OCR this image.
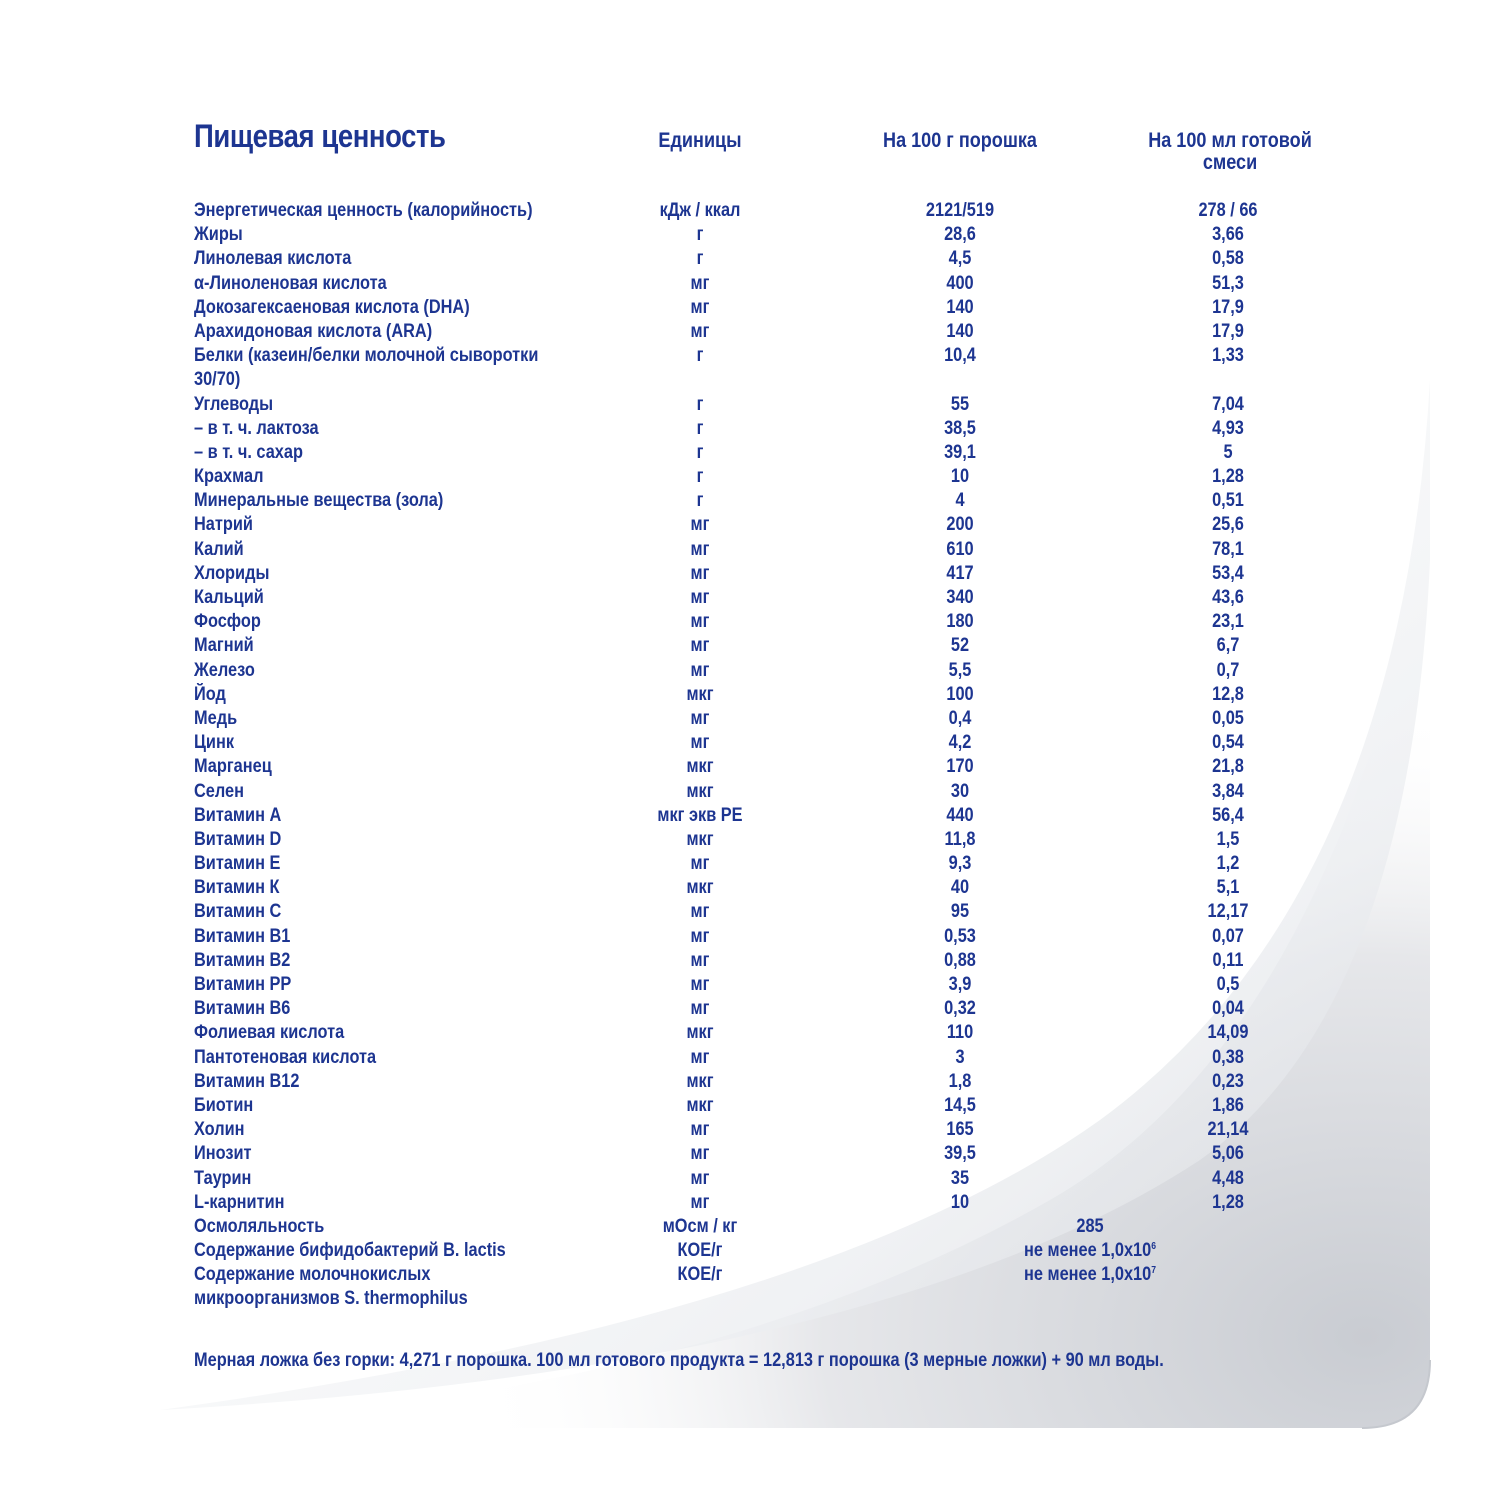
Пищевая ценность	Единицы	На 100 г порошка	На 100 мл готовой
смеси
Энергетическая ценность (калорийность)	кДж / ккал	2121/519	278 / 66
Жиры	г	28,6	3,66
Линолевая кислота	г	4,5	0,58
α-Линоленовая кислота	мг	400	51,3
Докозагексаеновая кислота (DHA)	мг	140	17,9
Арахидоновая кислота (ARA)	мг	140	17,9
Белки (казеин/белки молочной сыворотки 30/70)
г	10,4	1,33
Углеводы	г	55	7,04
– в т. ч. лактоза	г	38,5	4,93
– в т. ч. сахар	г	39,1	5
Крахмал	г	10	1,28
Минеральные вещества (зола)	г	4	0,51
Натрий	мг	200	25,6
Калий	мг	610	78,1
Хлориды	мг	417	53,4
Кальций	мг	340	43,6
Фосфор	мг	180	23,1
Магний	мг	52	6,7
Железо	мг	5,5	0,7
Йод	мкг	100	12,8
Медь	мг	0,4	0,05
Цинк	мг	4,2	0,54
Марганец	мкг	170	21,8
Селен	мкг	30	3,84
Витамин А	мкг экв РЕ	440	56,4
Витамин D	мкг	11,8	1,5
Витамин Е	мг	9,3	1,2
Витамин К	мкг	40	5,1
Витамин С	мг	95	12,17
Витамин В1	мг	0,53	0,07
Витамин В2	мг	0,88	0,11
Витамин РР	мг	3,9	0,5
Витамин В6	мг	0,32	0,04
Фолиевая кислота	мкг	110	14,09
Пантотеновая кислота	мг	3	0,38
Витамин В12	мкг	1,8	0,23
Биотин	мкг	14,5	1,86
Холин	мг	165	21,14
Инозит	мг	39,5	5,06
Таурин	мг	35	4,48
L-карнитин	мг	10	1,28
Осмоляльность	мОсм / кг	285
Содержание бифидобактерий B. lactis	КОЕ/г	не менее $1,0x10^6$
Содержание молочнокислых микроорганизмов S. thermophilus
КОЕ/г	не менее $1,0x10^7$
Мерная ложка без горки: 4,271 г порошка. 100 мл готового продукта = 12,813 г порошка (3 мерные ложки) + 90 мл воды.
